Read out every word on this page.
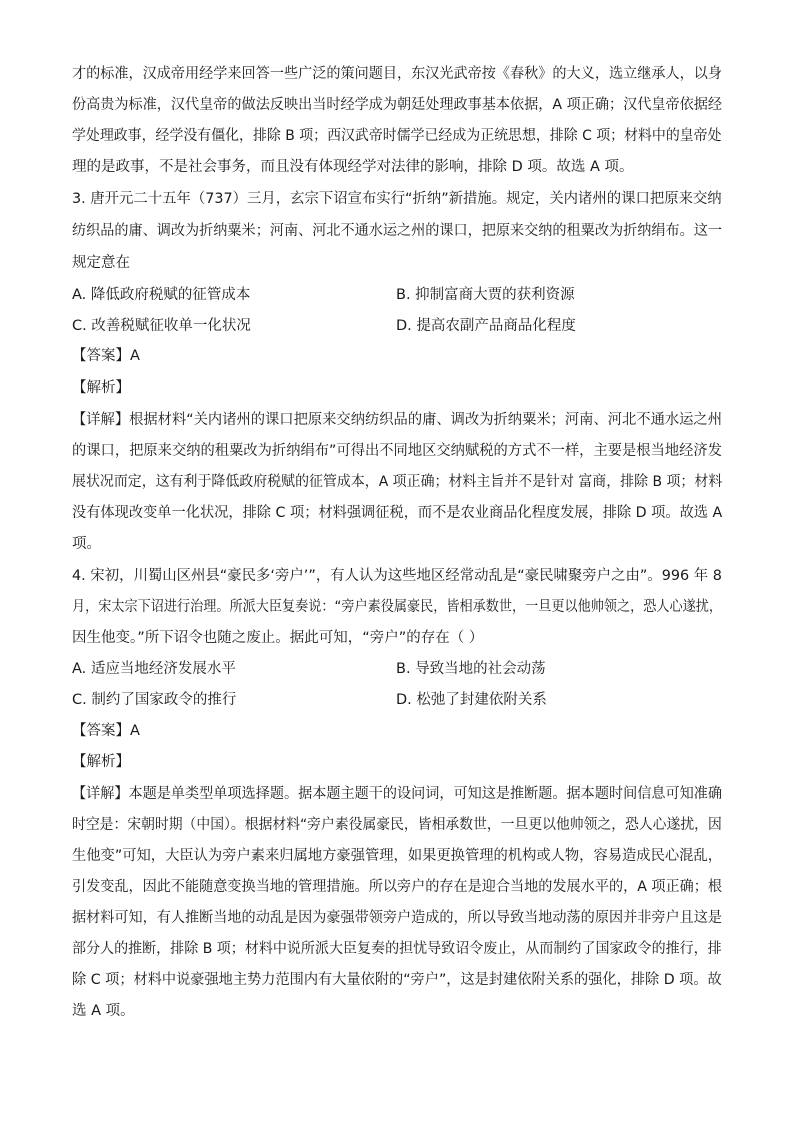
才的标准，汉成帝用经学来回答一些广泛的策问题目，东汉光武帝按《春秋》的大义，选立继承人，以身
份高贵为标准，汉代皇帝的做法反映出当时经学成为朝廷处理政事基本依据，A 项正确；汉代皇帝依据经
学处理政事，经学没有僵化，排除 B 项；西汉武帝时儒学已经成为正统思想，排除 C 项；材料中的皇帝处
理的是政事，不是社会事务，而且没有体现经学对法律的影响，排除 D 项。故选 A 项。
3. 唐开元二十五年（737）三月，玄宗下诏宣布实行“折纳”新措施。规定，关内诸州的课口把原来交纳
纺织品的庸、调改为折纳粟米；河南、河北不通水运之州的课口，把原来交纳的租粟改为折纳绢布。这一
规定意在
A. 降低政府税赋的征管成本	B. 抑制富商大贾的获利资源
C. 改善税赋征收单一化状况	D. 提高农副产品商品化程度
【答案】A
【解析】
【详解】根据材料“关内诸州的课口把原来交纳纺织品的庸、调改为折纳粟米；河南、河北不通水运之州
的课口，把原来交纳的租粟改为折纳绢布”可得出不同地区交纳赋税的方式不一样，主要是根当地经济发
展状况而定，这有利于降低政府税赋的征管成本，A 项正确；材料主旨并不是针对 富商，排除 B 项；材料
没有体现改变单一化状况，排除 C 项；材料强调征税，而不是农业商品化程度发展，排除 D 项。故选 A
项。
4. 宋初，川蜀山区州县“豪民多‘旁户’”，有人认为这些地区经常动乱是“豪民啸聚旁户之由”。996 年 8
月，宋太宗下诏进行治理。所派大臣复奏说：“旁户素役属豪民，皆相承数世，一旦更以他帅领之，恐人心遂扰，
因生他变。”所下诏令也随之废止。据此可知，“旁户”的存在（ ）
A. 适应当地经济发展水平	B. 导致当地的社会动荡
C. 制约了国家政令的推行	D. 松弛了封建依附关系
【答案】A
【解析】
【详解】本题是单类型单项选择题。据本题主题干的设问词，可知这是推断题。据本题时间信息可知准确
时空是：宋朝时期（中国）。根据材料“旁户素役属豪民，皆相承数世，一旦更以他帅领之，恐人心遂扰，因
生他变”可知，大臣认为旁户素来归属地方豪强管理，如果更换管理的机构或人物，容易造成民心混乱，
引发变乱，因此不能随意变换当地的管理措施。所以旁户的存在是迎合当地的发展水平的，A 项正确；根
据材料可知，有人推断当地的动乱是因为豪强带领旁户造成的，所以导致当地动荡的原因并非旁户且这是
部分人的推断，排除 B 项；材料中说所派大臣复奏的担忧导致诏令废止，从而制约了国家政令的推行，排
除 C 项；材料中说豪强地主势力范围内有大量依附的“旁户”，这是封建依附关系的强化，排除 D 项。故
选 A 项。
